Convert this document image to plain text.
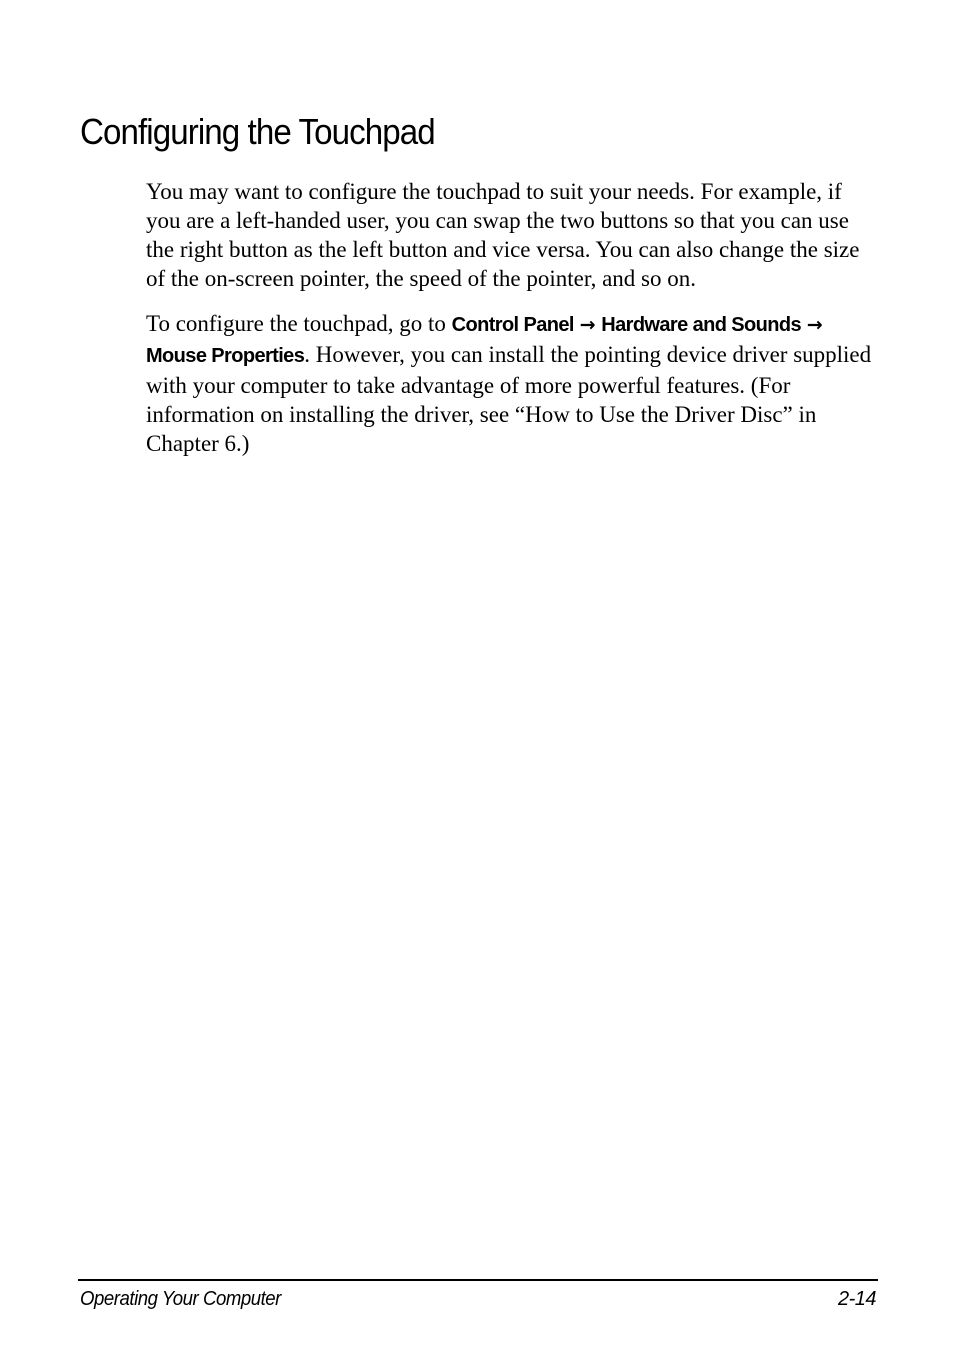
Configuring the Touchpad

You may want to configure the touchpad to suit your needs. For example, if you are a left-handed user, you can swap the two buttons so that you can use the right button as the left button and vice versa. You can also change the size of the on-screen pointer, the speed of the pointer, and so on.

To configure the touchpad, go to Control Panel → Hardware and Sounds → Mouse Properties. However, you can install the pointing device driver supplied with your computer to take advantage of more powerful features. (For information on installing the driver, see “How to Use the Driver Disc” in Chapter 6.)

Operating Your Computer	2-14
